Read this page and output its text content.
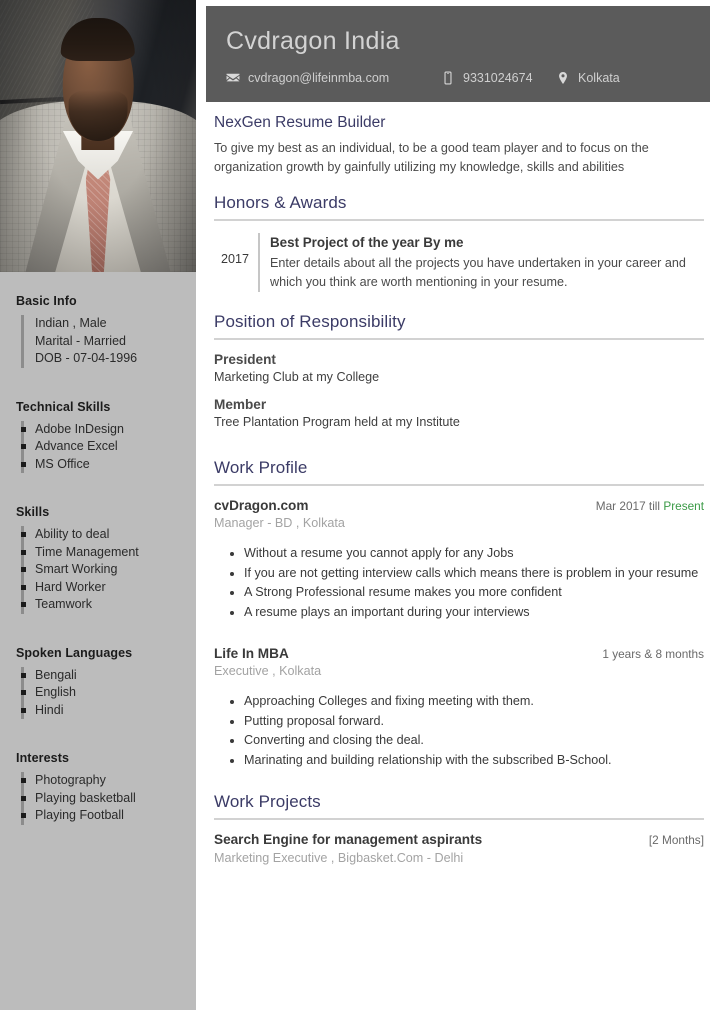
Basic Info
Indian , Male
Marital - Married
DOB - 07-04-1996
Technical Skills
Adobe InDesign
Advance Excel
MS Office
Skills
Ability to deal
Time Management
Smart Working
Hard Worker
Teamwork
Spoken Languages
Bengali
English
Hindi
Interests
Photography
Playing basketball
Playing Football
Cvdragon India
cvdragon@lifeinmba.com	9331024674	Kolkata
NexGen Resume Builder
To give my best as an individual, to be a good team player and to focus on the organization growth by gainfully utilizing my knowledge, skills and abilities
Honors & Awards
2017
Best Project of the year By me
Enter details about all the projects you have undertaken in your career and which you think are worth mentioning in your resume.
Position of Responsibility
President
Marketing Club at my College
Member
Tree Plantation Program held at my Institute
Work Profile
cvDragon.com	Mar 2017 till Present
Manager - BD , Kolkata
• Without a resume you cannot apply for any Jobs
• If you are not getting interview calls which means there is problem in your resume
• A Strong Professional resume makes you more confident
• A resume plays an important during your interviews
Life In MBA	1 years & 8 months
Executive , Kolkata
• Approaching Colleges and fixing meeting with them.
• Putting proposal forward.
• Converting and closing the deal.
• Marinating and building relationship with the subscribed B-School.
Work Projects
Search Engine for management aspirants	[2 Months]
Marketing Executive , Bigbasket.Com - Delhi
